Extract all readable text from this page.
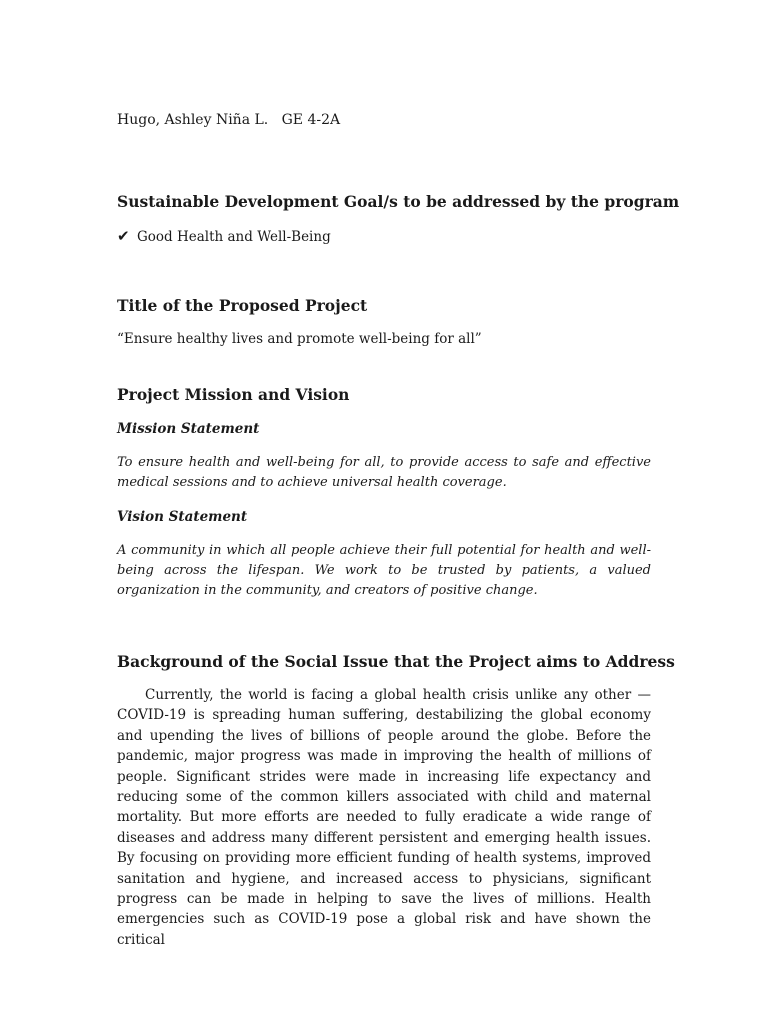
Hugo, Ashley Niña L.   GE 4-2A
Sustainable Development Goal/s to be addressed by the program
✔ Good Health and Well-Being
Title of the Proposed Project
“Ensure healthy lives and promote well-being for all”
Project Mission and Vision
Mission Statement
To ensure health and well-being for all, to provide access to safe and effective medical sessions and to achieve universal health coverage.
Vision Statement
A community in which all people achieve their full potential for health and well-being across the lifespan. We work to be trusted by patients, a valued organization in the community, and creators of positive change.
Background of the Social Issue that the Project aims to Address
Currently, the world is facing a global health crisis unlike any other — COVID-19 is spreading human suffering, destabilizing the global economy and upending the lives of billions of people around the globe. Before the pandemic, major progress was made in improving the health of millions of people. Significant strides were made in increasing life expectancy and reducing some of the common killers associated with child and maternal mortality. But more efforts are needed to fully eradicate a wide range of diseases and address many different persistent and emerging health issues. By focusing on providing more efficient funding of health systems, improved sanitation and hygiene, and increased access to physicians, significant progress can be made in helping to save the lives of millions. Health emergencies such as COVID-19 pose a global risk and have shown the critical
